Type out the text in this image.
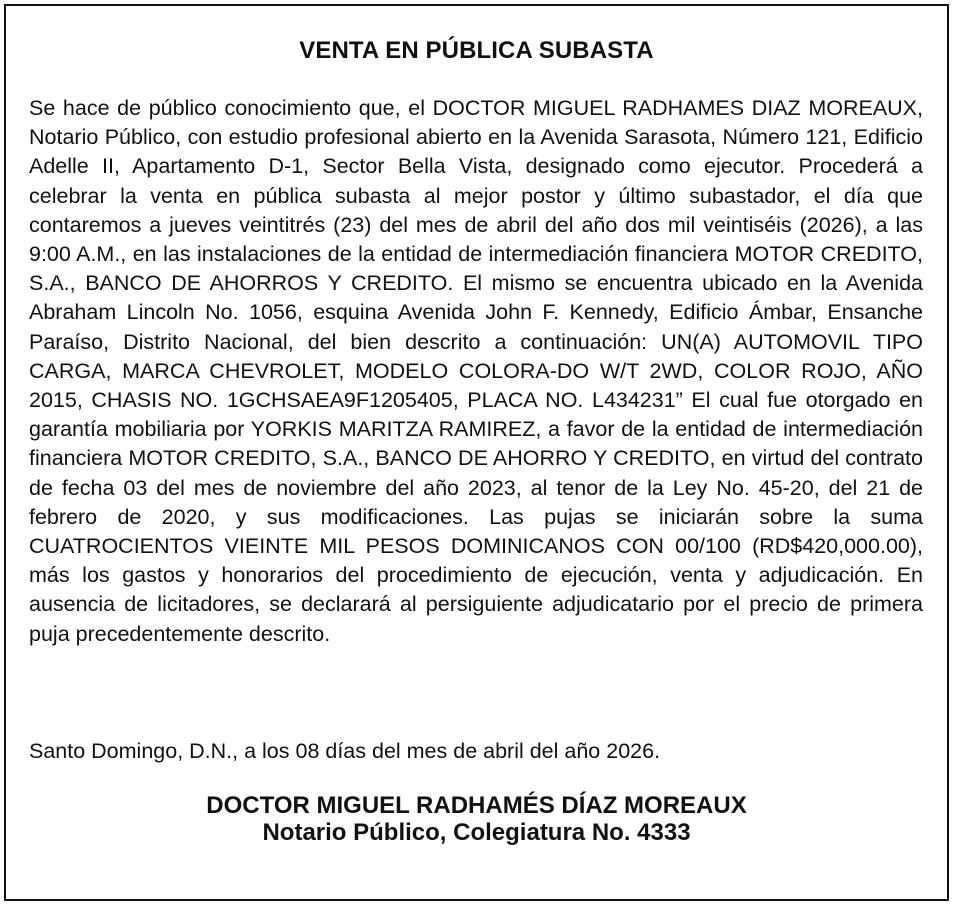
VENTA EN PÚBLICA SUBASTA

Se hace de público conocimiento que, el DOCTOR MIGUEL RADHAMES DIAZ MOREAUX, Notario Público, con estudio profesional abierto en la Avenida Sarasota, Número 121, Edificio Adelle II, Apartamento D-1, Sector Bella Vista, designado como ejecutor. Procederá a celebrar la venta en pública subasta al mejor postor y último subastador, el día que contaremos a jueves veintitrés (23) del mes de abril del año dos mil veintiséis (2026), a las 9:00 A.M., en las instalaciones de la entidad de intermediación financiera MOTOR CREDITO, S.A., BANCO DE AHORROS Y CREDITO. El mismo se encuentra ubicado en la Avenida Abraham Lincoln No. 1056, esquina Avenida John F. Kennedy, Edificio Ámbar, Ensanche Paraíso, Distrito Nacional, del bien descrito a continuación: UN(A) AUTOMOVIL TIPO CARGA, MARCA CHEVROLET, MODELO COLORA-DO W/T 2WD, COLOR ROJO, AÑO 2015, CHASIS NO. 1GCHSAEA9F1205405, PLACA NO. L434231” El cual fue otorgado en garantía mobiliaria por YORKIS MARITZA RAMIREZ, a favor de la entidad de intermediación financiera MOTOR CREDITO, S.A., BANCO DE AHORRO Y CREDITO, en virtud del contrato de fecha 03 del mes de noviembre del año 2023, al tenor de la Ley No. 45-20, del 21 de febrero de 2020, y sus modificaciones. Las pujas se iniciarán sobre la suma CUATROCIENTOS VIEINTE MIL PESOS DOMINICANOS CON 00/100 (RD$420,000.00), más los gastos y honorarios del procedimiento de ejecución, venta y adjudicación. En ausencia de licitadores, se declarará al persiguiente adjudicatario por el precio de primera puja precedentemente descrito.

Santo Domingo, D.N., a los 08 días del mes de abril del año 2026.

DOCTOR MIGUEL RADHAMÉS DÍAZ MOREAUX
Notario Público, Colegiatura No. 4333
